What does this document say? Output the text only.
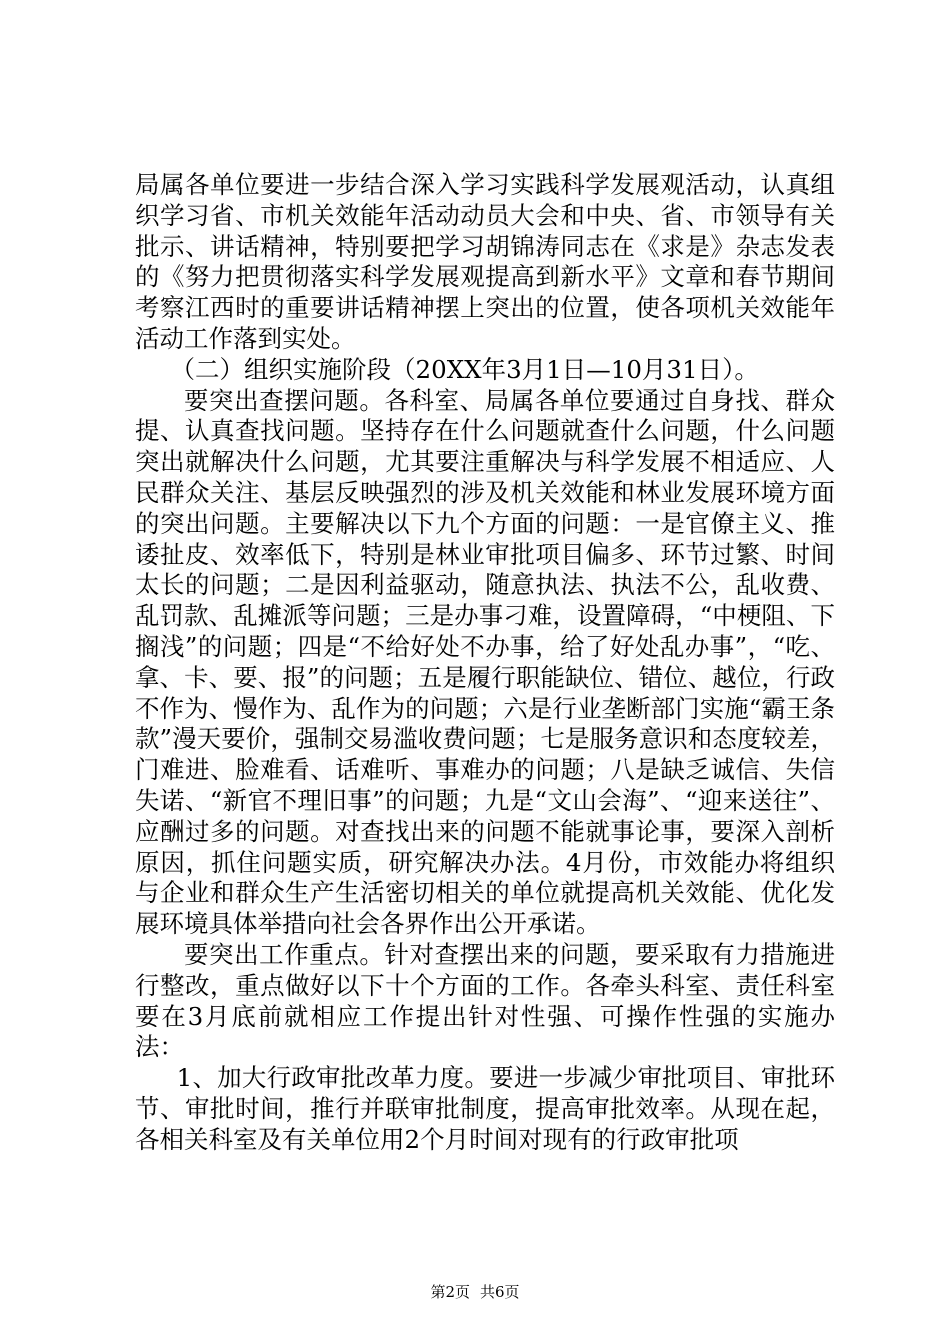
局属各单位要进一步结合深入学习实践科学发展观活动，认真组织学习省、市机关效能年活动动员大会和中央、省、市领导有关批示、讲话精神，特别要把学习胡锦涛同志在《求是》杂志发表的《努力把贯彻落实科学发展观提高到新水平》文章和春节期间考察江西时的重要讲话精神摆上突出的位置，使各项机关效能年活动工作落到实处。

（二）组织实施阶段（20XX年3月1日—10月31日）。

要突出查摆问题。各科室、局属各单位要通过自身找、群众提、认真查找问题。坚持存在什么问题就查什么问题，什么问题突出就解决什么问题，尤其要注重解决与科学发展不相适应、人民群众关注、基层反映强烈的涉及机关效能和林业发展环境方面的突出问题。主要解决以下九个方面的问题：一是官僚主义、推诿扯皮、效率低下，特别是林业审批项目偏多、环节过繁、时间太长的问题；二是因利益驱动，随意执法、执法不公，乱收费、乱罚款、乱摊派等问题；三是办事刁难，设置障碍，“中梗阻、下搁浅”的问题；四是“不给好处不办事，给了好处乱办事”，“吃、拿、卡、要、报”的问题；五是履行职能缺位、错位、越位，行政不作为、慢作为、乱作为的问题；六是行业垄断部门实施“霸王条款”漫天要价，强制交易滥收费问题；七是服务意识和态度较差，门难进、脸难看、话难听、事难办的问题；八是缺乏诚信、失信失诺、“新官不理旧事”的问题；九是“文山会海”、“迎来送往”、应酬过多的问题。对查找出来的问题不能就事论事，要深入剖析原因，抓住问题实质，研究解决办法。4月份，市效能办将组织与企业和群众生产生活密切相关的单位就提高机关效能、优化发展环境具体举措向社会各界作出公开承诺。

要突出工作重点。针对查摆出来的问题，要采取有力措施进行整改，重点做好以下十个方面的工作。各牵头科室、责任科室要在3月底前就相应工作提出针对性强、可操作性强的实施办法：

1、加大行政审批改革力度。要进一步减少审批项目、审批环节、审批时间，推行并联审批制度，提高审批效率。从现在起，各相关科室及有关单位用2个月时间对现有的行政审批项

第2页 共6页
